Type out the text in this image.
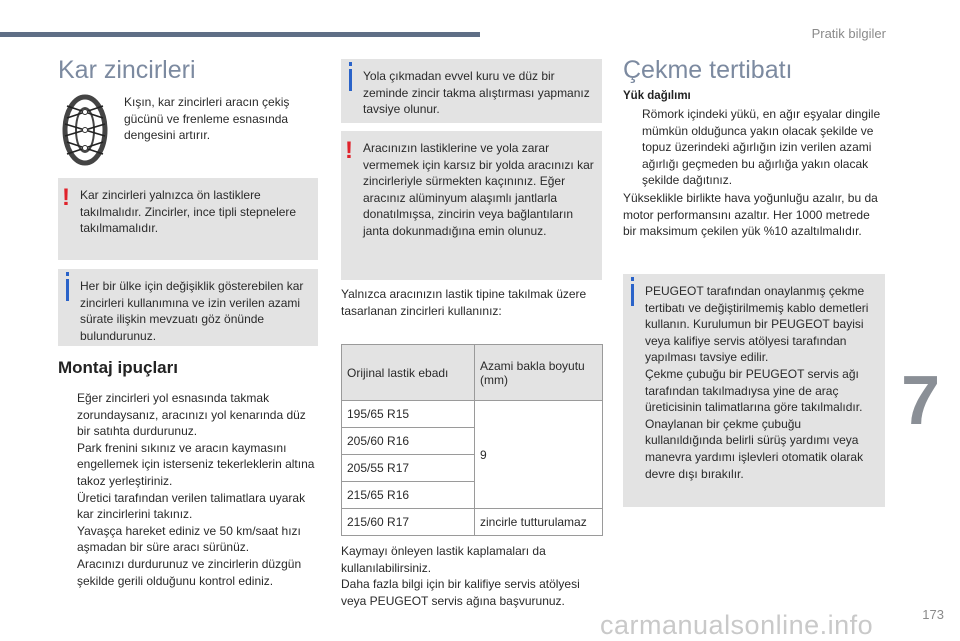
Pratik bilgiler
7
Kar zincirleri
Kışın, kar zincirleri aracın çekiş gücünü ve frenleme esnasında dengesini artırır.
! Kar zincirleri yalnızca ön lastiklere takılmalıdır. Zincirler, ince tipli stepnelere takılmamalıdır.
Her bir ülke için değişiklik gösterebilen kar zincirleri kullanımına ve izin verilen azami sürate ilişkin mevzuatı göz önünde bulundurunuz.
Montaj ipuçları
Eğer zincirleri yol esnasında takmak zorundaysanız, aracınızı yol kenarında düz bir satıhta durdurunuz.
Park frenini sıkınız ve aracın kaymasını engellemek için isterseniz tekerleklerin altına takoz yerleştiriniz.
Üretici tarafından verilen talimatlara uyarak kar zincirlerini takınız.
Yavaşça hareket ediniz ve 50 km/saat hızı aşmadan bir süre aracı sürünüz.
Aracınızı durdurunuz ve zincirlerin düzgün şekilde gerili olduğunu kontrol ediniz.
Yola çıkmadan evvel kuru ve düz bir zeminde zincir takma alıştırması yapmanız tavsiye olunur.
! Aracınızın lastiklerine ve yola zarar vermemek için karsız bir yolda aracınızı kar zincirleriyle sürmekten kaçınınız. Eğer aracınız alüminyum alaşımlı jantlarla donatılmışsa, zincirin veya bağlantıların janta dokunmadığına emin olunuz.
Yalnızca aracınızın lastik tipine takılmak üzere tasarlanan zincirleri kullanınız:
Orijinal lastik ebadı	Azami bakla boyutu (mm)
195/65 R15	9
205/60 R16	
205/55 R17	
215/65 R16	
215/60 R17	zincirle tutturulamaz
Kaymayı önleyen lastik kaplamaları da kullanılabilirsiniz.
Daha fazla bilgi için bir kalifiye servis atölyesi veya PEUGEOT servis ağına başvurunuz.
Çekme tertibatı
Yük dağılımı
Römork içindeki yükü, en ağır eşyalar dingile mümkün olduğunca yakın olacak şekilde ve topuz üzerindeki ağırlığın izin verilen azami ağırlığı geçmeden bu ağırlığa yakın olacak şekilde dağıtınız.
Yükseklikle birlikte hava yoğunluğu azalır, bu da motor performansını azaltır. Her 1000 metrede bir maksimum çekilen yük %10 azaltılmalıdır.
PEUGEOT tarafından onaylanmış çekme tertibatı ve değiştirilmemiş kablo demetleri kullanın. Kurulumun bir PEUGEOT bayisi veya kalifiye servis atölyesi tarafından yapılması tavsiye edilir.
Çekme çubuğu bir PEUGEOT servis ağı tarafından takılmadıysa yine de araç üreticisinin talimatlarına göre takılmalıdır.
Onaylanan bir çekme çubuğu kullanıldığında belirli sürüş yardımı veya manevra yardımı işlevleri otomatik olarak devre dışı bırakılır.
carmanualsonline.info	173
